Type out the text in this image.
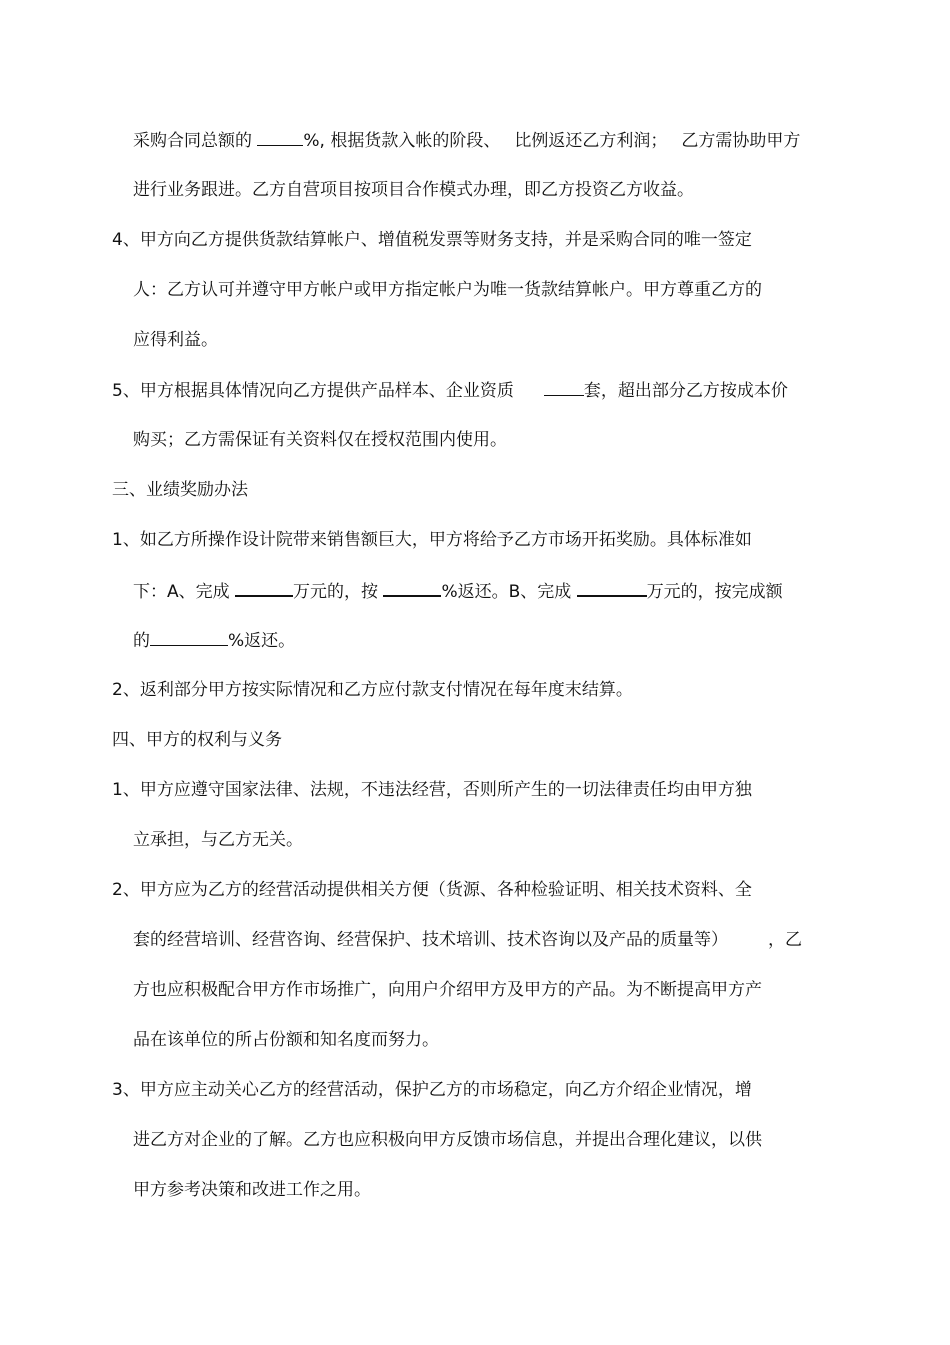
采购合同总额的	%, 根据货款入帐的阶段、 比例返还乙方利润； 乙方需协助甲方
进行业务跟进。乙方自营项目按项目合作模式办理，即乙方投资乙方收益。
4、甲方向乙方提供货款结算帐户、增值税发票等财务支持，并是采购合同的唯一签定
人：乙方认可并遵守甲方帐户或甲方指定帐户为唯一货款结算帐户。甲方尊重乙方的
应得利益。
5、甲方根据具体情况向乙方提供产品样本、企业资质	套，超出部分乙方按成本价
购买；乙方需保证有关资料仅在授权范围内使用。
三、业绩奖励办法
1、如乙方所操作设计院带来销售额巨大，甲方将给予乙方市场开拓奖励。具体标准如
下：A、完成	万元的，按	%返还。B、完成	万元的，按完成额
的	%返还。
2、返利部分甲方按实际情况和乙方应付款支付情况在每年度末结算。
四、甲方的权利与义务
1、甲方应遵守国家法律、法规，不违法经营，否则所产生的一切法律责任均由甲方独
立承担，与乙方无关。
2、甲方应为乙方的经营活动提供相关方便（货源、各种检验证明、相关技术资料、全
套的经营培训、经营咨询、经营保护、技术培训、技术咨询以及产品的质量等） ，乙
方也应积极配合甲方作市场推广，向用户介绍甲方及甲方的产品。为不断提高甲方产
品在该单位的所占份额和知名度而努力。
3、甲方应主动关心乙方的经营活动，保护乙方的市场稳定，向乙方介绍企业情况，增
进乙方对企业的了解。乙方也应积极向甲方反馈市场信息，并提出合理化建议，以供
甲方参考决策和改进工作之用。
